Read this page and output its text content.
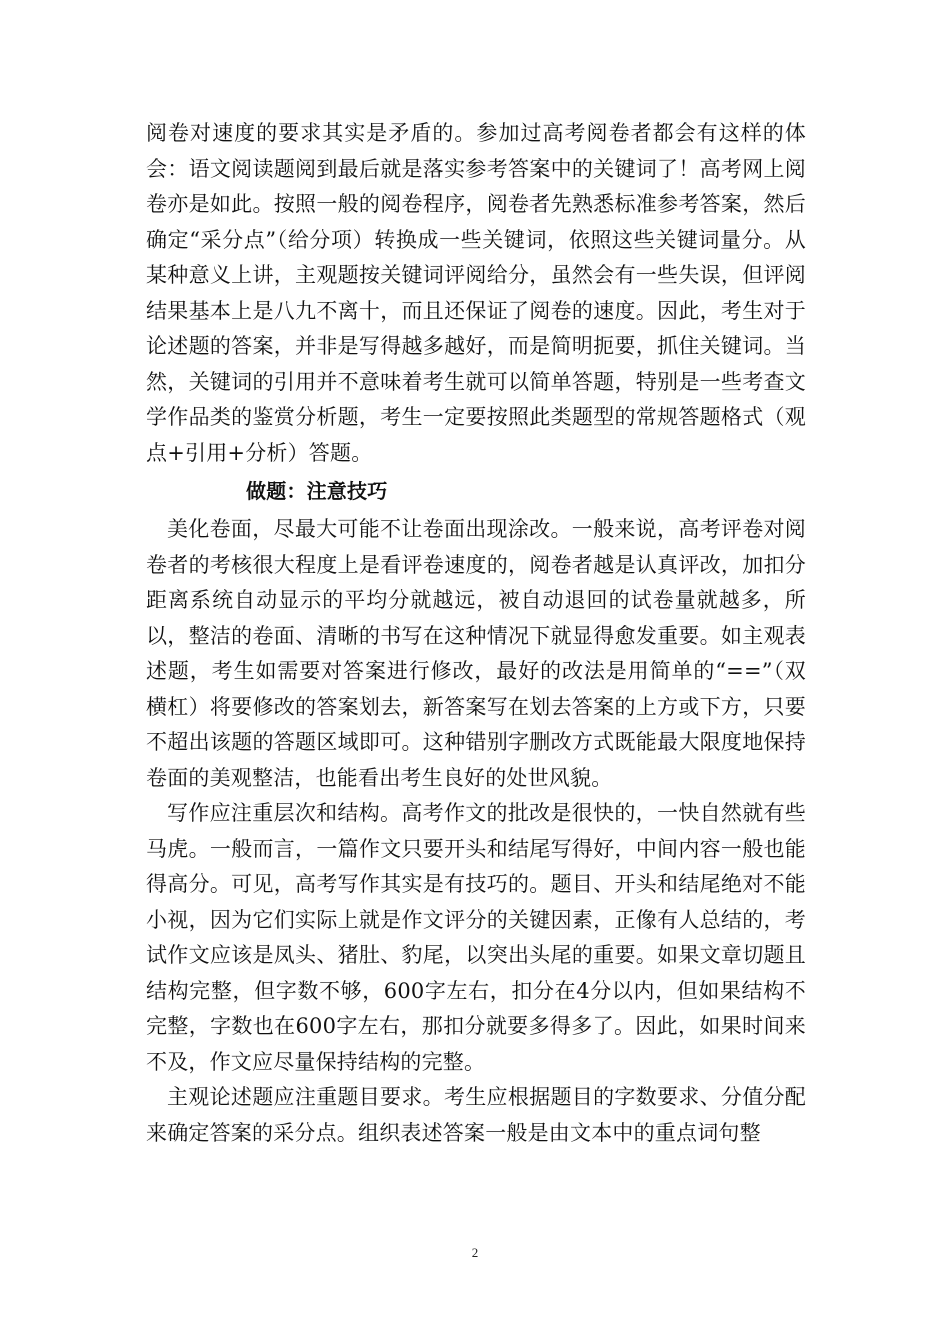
阅卷对速度的要求其实是矛盾的。参加过高考阅卷者都会有这样的体会：语文阅读题阅到最后就是落实参考答案中的关键词了！高考网上阅卷亦是如此。按照一般的阅卷程序，阅卷者先熟悉标准参考答案，然后确定“采分点”（给分项）转换成一些关键词，依照这些关键词量分。从某种意义上讲，主观题按关键词评阅给分，虽然会有一些失误，但评阅结果基本上是八九不离十，而且还保证了阅卷的速度。因此，考生对于论述题的答案，并非是写得越多越好，而是简明扼要，抓住关键词。当然，关键词的引用并不意味着考生就可以简单答题，特别是一些考查文学作品类的鉴赏分析题，考生一定要按照此类题型的常规答题格式（观点+引用+分析）答题。

做题：注意技巧

美化卷面，尽最大可能不让卷面出现涂改。一般来说，高考评卷对阅卷者的考核很大程度上是看评卷速度的，阅卷者越是认真评改，加扣分距离系统自动显示的平均分就越远，被自动退回的试卷量就越多，所以，整洁的卷面、清晰的书写在这种情况下就显得愈发重要。如主观表述题，考生如需要对答案进行修改，最好的改法是用简单的“==”（双横杠）将要修改的答案划去，新答案写在划去答案的上方或下方，只要不超出该题的答题区域即可。这种错别字删改方式既能最大限度地保持卷面的美观整洁，也能看出考生良好的处世风貌。

写作应注重层次和结构。高考作文的批改是很快的，一快自然就有些马虎。一般而言，一篇作文只要开头和结尾写得好，中间内容一般也能得高分。可见，高考写作其实是有技巧的。题目、开头和结尾绝对不能小视，因为它们实际上就是作文评分的关键因素，正像有人总结的，考试作文应该是凤头、猪肚、豹尾，以突出头尾的重要。如果文章切题且结构完整，但字数不够，600字左右，扣分在4分以内，但如果结构不完整，字数也在600字左右，那扣分就要多得多了。因此，如果时间来不及，作文应尽量保持结构的完整。

主观论述题应注重题目要求。考生应根据题目的字数要求、分值分配来确定答案的采分点。组织表述答案一般是由文本中的重点词句整

2
